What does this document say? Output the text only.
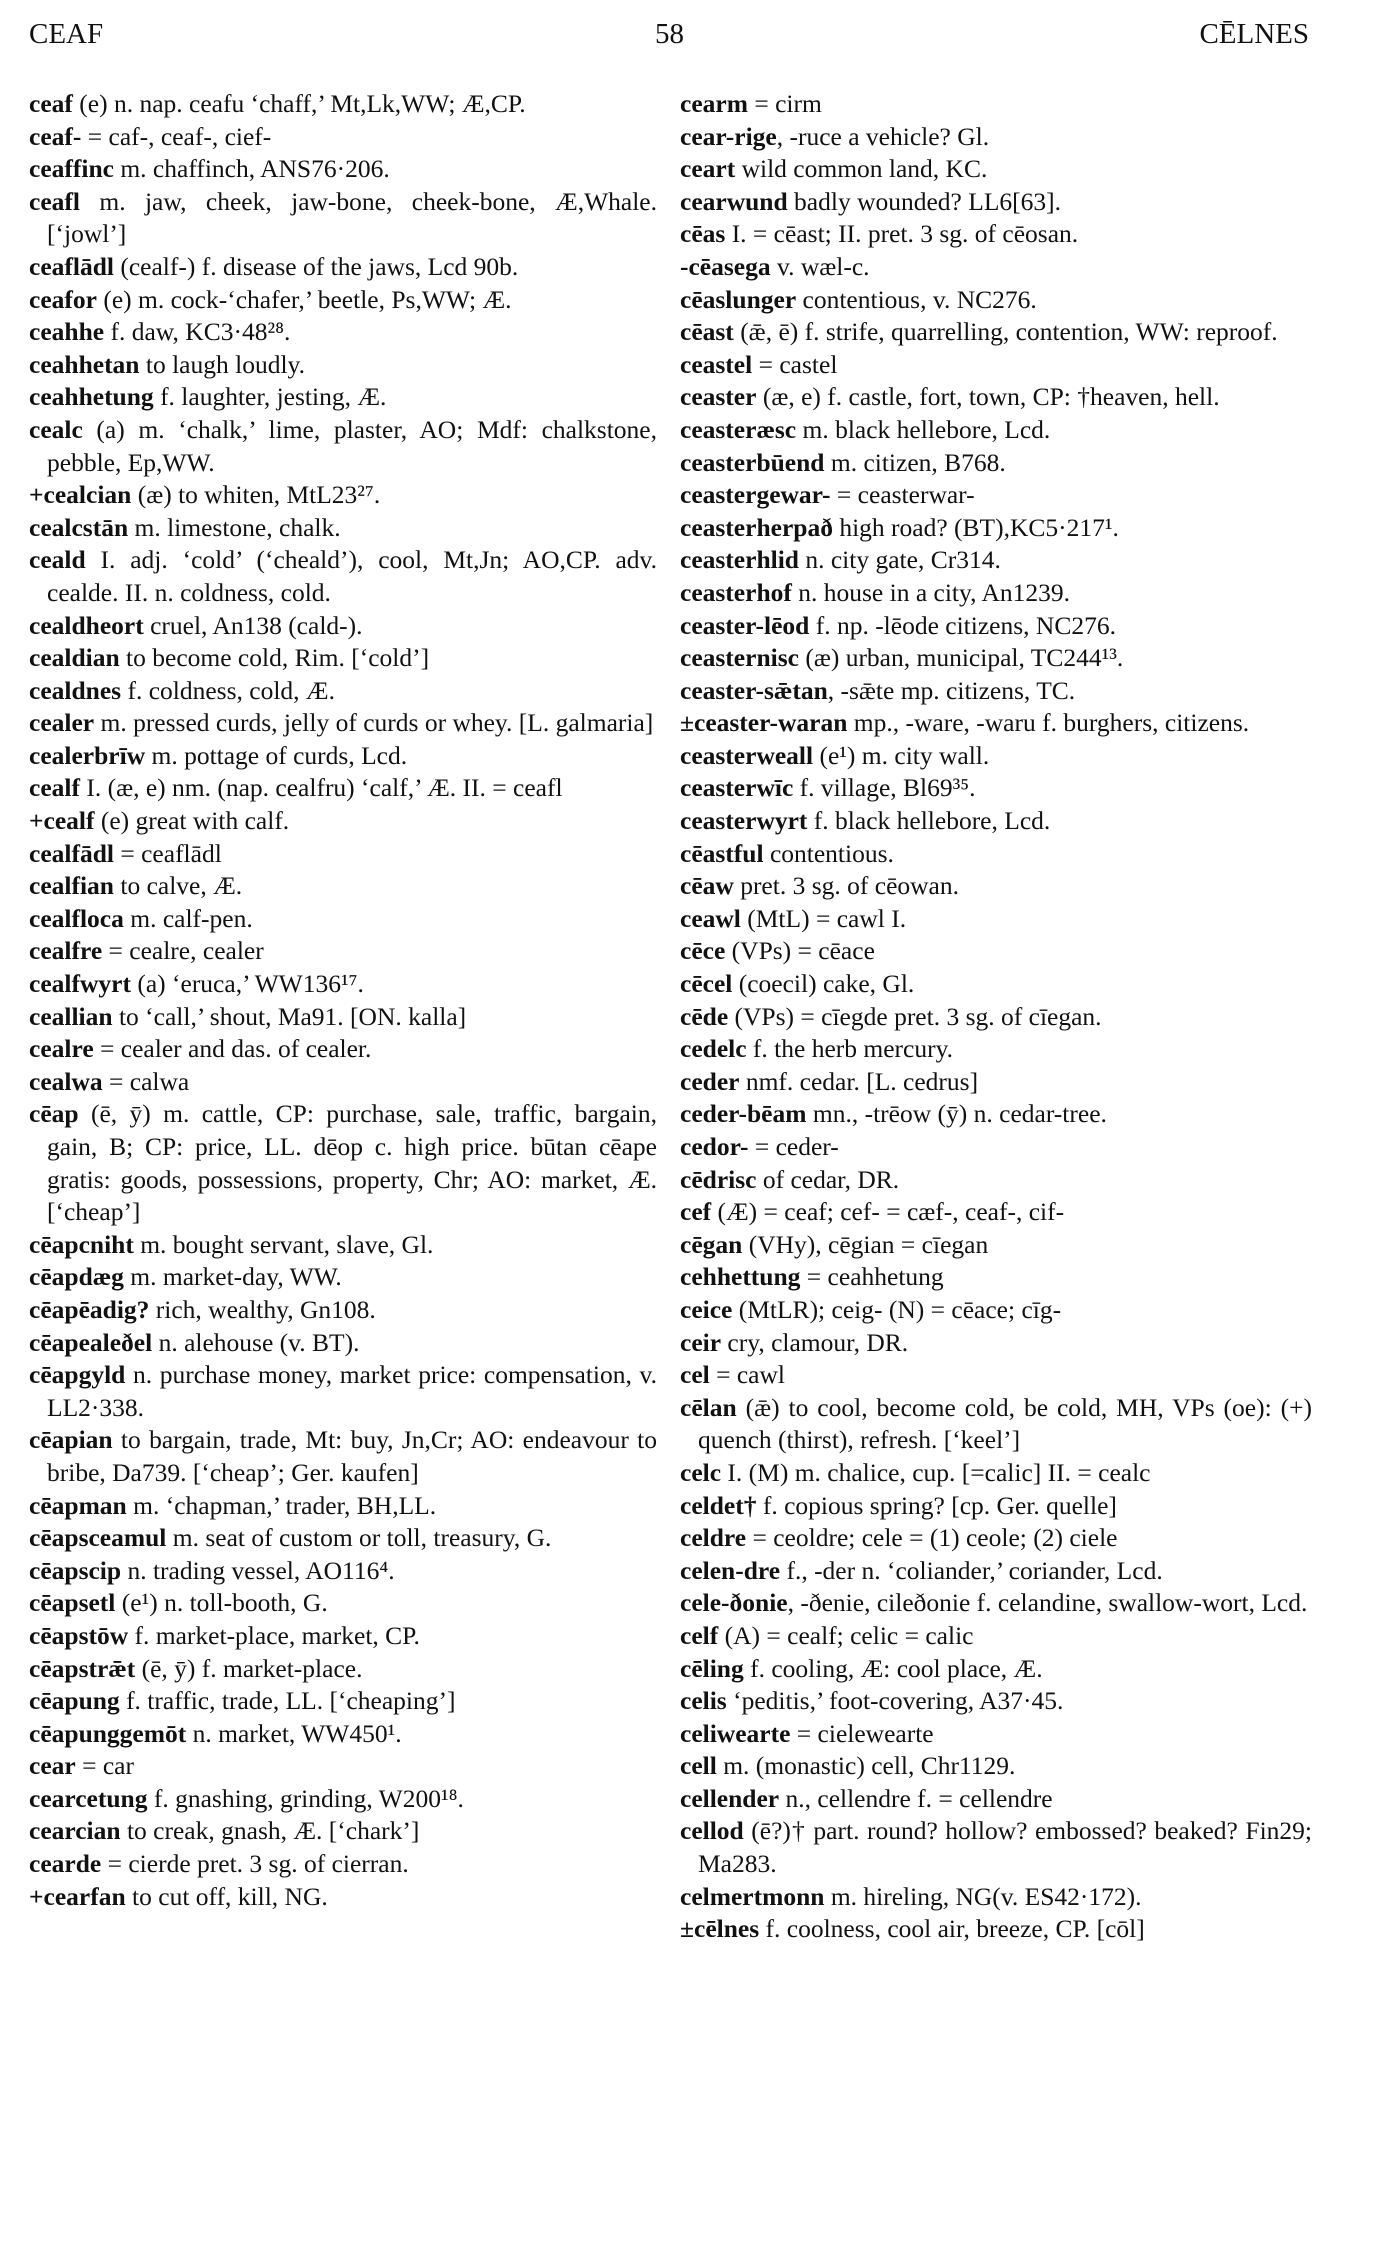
CEAF	58	CĒLNES

ceaf (e) n. nap. ceafu ‘chaff,’ Mt,Lk,WW; Æ,CP.

ceaf- = caf-, ceaf-, cief-

ceaffinc m. chaffinch, ANS76·206.

ceafl m. jaw, cheek, jaw-bone, cheek-bone, Æ,Whale. [‘jowl’]

ceaflādl (cealf-) f. disease of the jaws, Lcd 90b.

ceafor (e) m. cock-‘chafer,’ beetle, Ps,WW; Æ.

ceahhe f. daw, KC3·48²⁸.

ceahhetan to laugh loudly.

ceahhetung f. laughter, jesting, Æ.

cealc (a) m. ‘chalk,’ lime, plaster, AO; Mdf: chalkstone, pebble, Ep,WW.

+cealcian (æ) to whiten, MtL23²⁷.

cealcstān m. limestone, chalk.

ceald I. adj. ‘cold’ (‘cheald’), cool, Mt,Jn; AO,CP. adv. cealde. II. n. coldness, cold.

cealdheort cruel, An138 (cald-).

cealdian to become cold, Rim. [‘cold’]

cealdnes f. coldness, cold, Æ.

cealer m. pressed curds, jelly of curds or whey. [L. galmaria]

cealerbrīw m. pottage of curds, Lcd.

cealf I. (æ, e) nm. (nap. cealfru) ‘calf,’ Æ. II. = ceafl

+cealf (e) great with calf.

cealfādl = ceaflādl

cealfian to calve, Æ.

cealfloca m. calf-pen.

cealfre = cealre, cealer

cealfwyrt (a) ‘eruca,’ WW136¹⁷.

ceallian to ‘call,’ shout, Ma91. [ON. kalla]

cealre = cealer and das. of cealer.

cealwa = calwa

cēap (ē, ȳ) m. cattle, CP: purchase, sale, traffic, bargain, gain, B; CP: price, LL. dēop c. high price. būtan cēape gratis: goods, possessions, property, Chr; AO: market, Æ. [‘cheap’]

cēapcniht m. bought servant, slave, Gl.

cēapdæg m. market-day, WW.

cēapēadig? rich, wealthy, Gn108.

cēapealeðel n. alehouse (v. BT).

cēapgyld n. purchase money, market price: compensation, v. LL2·338.

cēapian to bargain, trade, Mt: buy, Jn,Cr; AO: endeavour to bribe, Da739. [‘cheap’; Ger. kaufen]

cēapman m. ‘chapman,’ trader, BH,LL.

cēapsceamul m. seat of custom or toll, treasury, G.

cēapscip n. trading vessel, AO116⁴.

cēapsetl (e¹) n. toll-booth, G.

cēapstōw f. market-place, market, CP.

cēapstrǣt (ē, ȳ) f. market-place.

cēapung f. traffic, trade, LL. [‘cheaping’]

cēapunggemōt n. market, WW450¹.

cear = car

cearcetung f. gnashing, grinding, W200¹⁸.

cearcian to creak, gnash, Æ. [‘chark’]

cearde = cierde pret. 3 sg. of cierran.

+cearfan to cut off, kill, NG.

cearm = cirm

cear-rige, -ruce a vehicle? Gl.

ceart wild common land, KC.

cearwund badly wounded? LL6[63].

cēas I. = cēast; II. pret. 3 sg. of cēosan.

-cēasega v. wæl-c.

cēaslunger contentious, v. NC276.

cēast (ǣ, ē) f. strife, quarrelling, contention, WW: reproof.

ceastel = castel

ceaster (æ, e) f. castle, fort, town, CP: †heaven, hell.

ceasteræsc m. black hellebore, Lcd.

ceasterbūend m. citizen, B768.

ceastergewar- = ceasterwar-

ceasterherpað high road? (BT),KC5·217¹.

ceasterhlid n. city gate, Cr314.

ceasterhof n. house in a city, An1239.

ceaster-lēod f. np. -lēode citizens, NC276.

ceasternisc (æ) urban, municipal, TC244¹³.

ceaster-sǣtan, -sǣte mp. citizens, TC.

±ceaster-waran mp., -ware, -waru f. burghers, citizens.

ceasterweall (e¹) m. city wall.

ceasterwīc f. village, Bl69³⁵.

ceasterwyrt f. black hellebore, Lcd.

cēastful contentious.

cēaw pret. 3 sg. of cēowan.

ceawl (MtL) = cawl I.

cēce (VPs) = cēace

cēcel (coecil) cake, Gl.

cēde (VPs) = cīegde pret. 3 sg. of cīegan.

cedelc f. the herb mercury.

ceder nmf. cedar. [L. cedrus]

ceder-bēam mn., -trēow (ȳ) n. cedar-tree.

cedor- = ceder-

cēdrisc of cedar, DR.

cef (Æ) = ceaf; cef- = cæf-, ceaf-, cif-

cēgan (VHy), cēgian = cīegan

cehhettung = ceahhetung

ceice (MtLR); ceig- (N) = cēace; cīg-

ceir cry, clamour, DR.

cel = cawl

cēlan (ǣ) to cool, become cold, be cold, MH, VPs (oe): (+) quench (thirst), refresh. [‘keel’]

celc I. (M) m. chalice, cup. [=calic] II. = cealc

celdet† f. copious spring? [cp. Ger. quelle]

celdre = ceoldre; cele = (1) ceole; (2) ciele

celen-dre f., -der n. ‘coliander,’ coriander, Lcd.

cele-ðonie, -ðenie, cileðonie f. celandine, swallow-wort, Lcd.

celf (A) = cealf; celic = calic

cēling f. cooling, Æ: cool place, Æ.

celis ‘peditis,’ foot-covering, A37·45.

celiwearte = cielewearte

cell m. (monastic) cell, Chr1129.

cellender n., cellendre f. = cellendre

cellod (ē?)† part. round? hollow? embossed? beaked? Fin29; Ma283.

celmertmonn m. hireling, NG(v. ES42·172).

±cēlnes f. coolness, cool air, breeze, CP. [cōl]
